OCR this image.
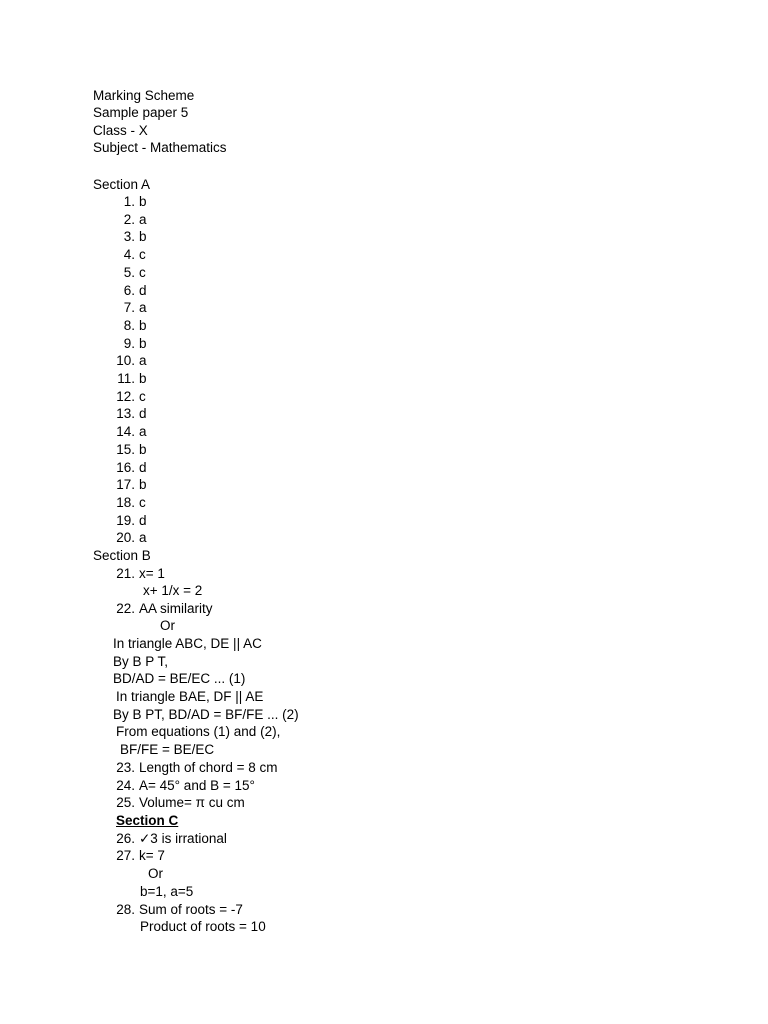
Marking Scheme
Sample paper 5
Class - X
Subject - Mathematics
Section A
1. b
2. a
3. b
4. c
5. c
6. d
7. a
8. b
9. b
10. a
11. b
12. c
13. d
14. a
15. b
16. d
17. b
18. c
19. d
20. a
Section B
21. x= 1
x+ 1/x = 2
22. AA similarity
Or
In triangle ABC, DE || AC
By B P T,
BD/AD = BE/EC ... (1)
In triangle BAE, DF || AE
By B PT, BD/AD = BF/FE ... (2)
From equations (1) and (2),
BF/FE = BE/EC
23. Length of chord = 8 cm
24. A= 45° and B = 15°
25. Volume= π cu cm
Section C
26. ✓3 is irrational
27. k= 7
Or
b=1, a=5
28. Sum of roots = -7
Product of roots = 10
